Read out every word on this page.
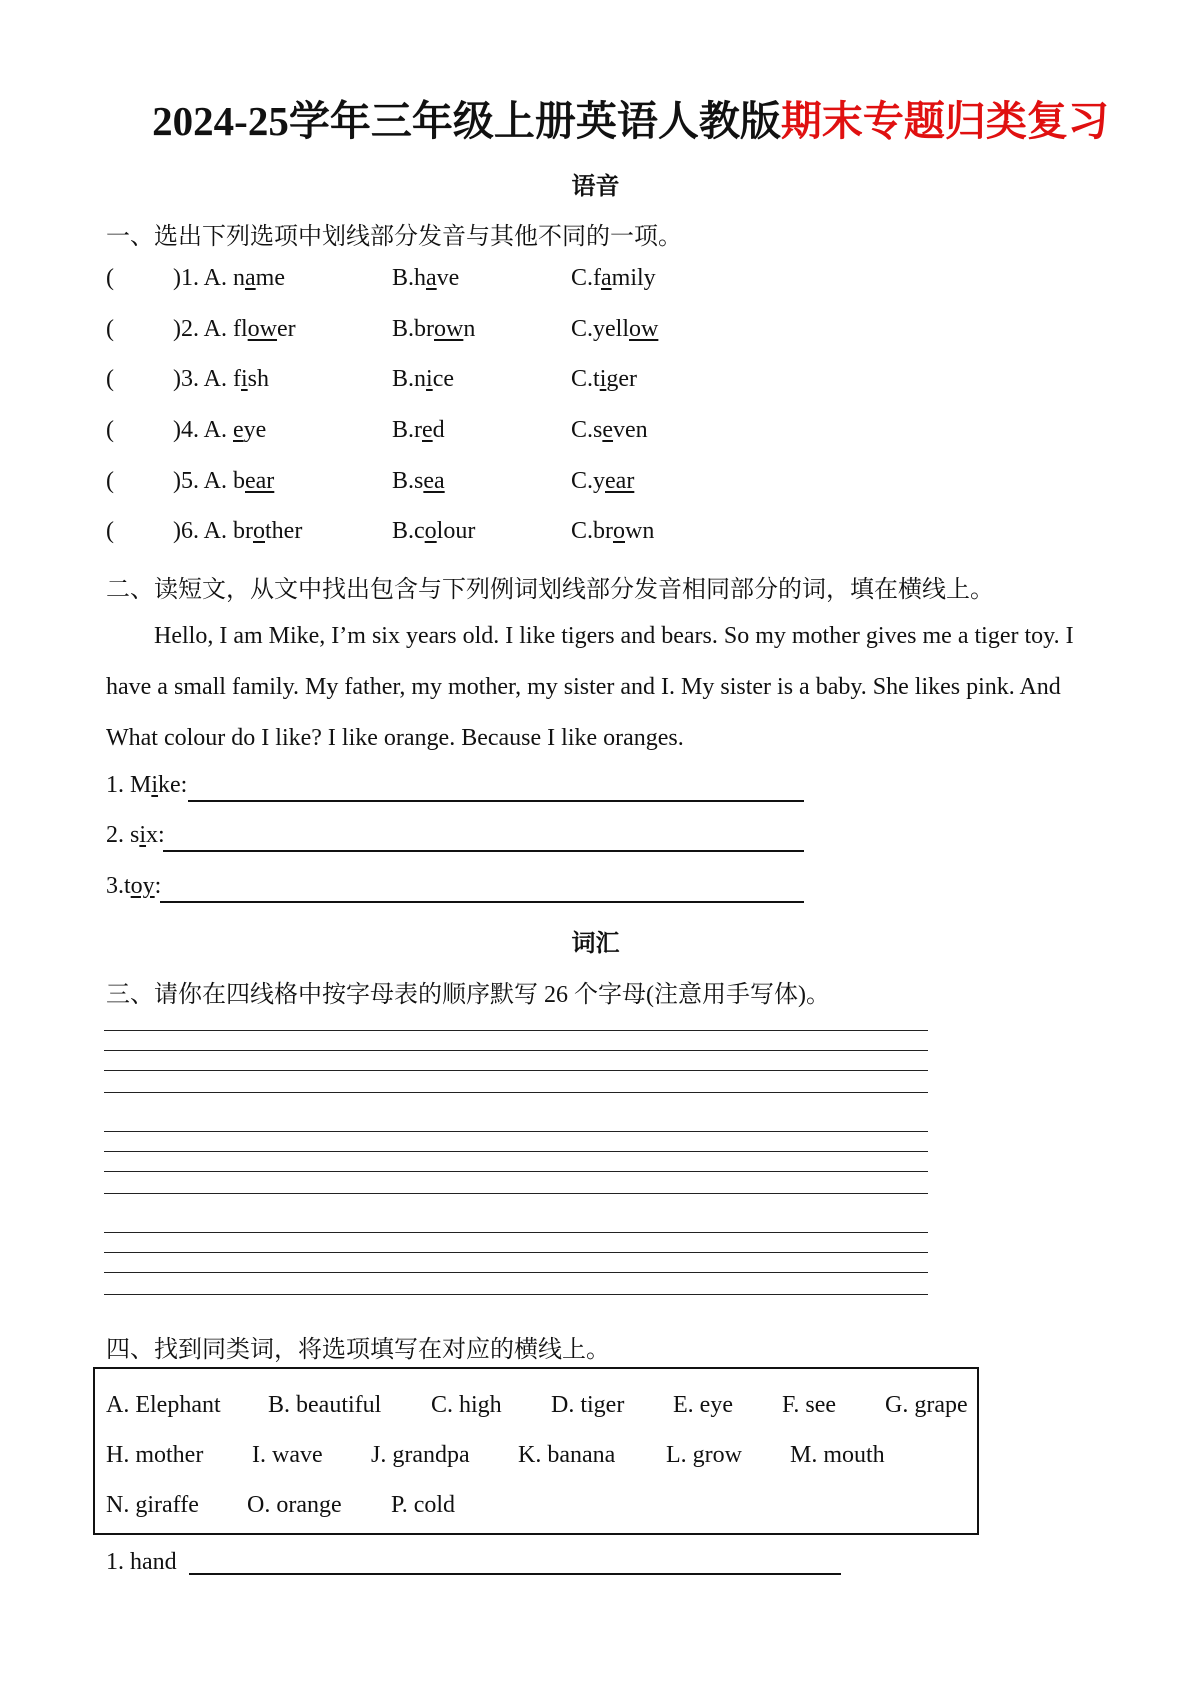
2024-25学年三年级上册英语人教版期末专题归类复习
语音
一、选出下列选项中划线部分发音与其他不同的一项。
( )1. A. name	B.have	C.family
( )2. A. flower	B.brown	C.yellow
( )3. A. fish	B.nice	C.tiger
( )4. A. eye	B.red	C.seven
( )5. A. bear	B.sea	C.year
( )6. A. brother	B.colour	C.brown
二、读短文，从文中找出包含与下列例词划线部分发音相同部分的词，填在横线上。
Hello, I am Mike, I’m six years old. I like tigers and bears. So my mother gives me a tiger toy. I have a small family. My father, my mother, my sister and I. My sister is a baby. She likes pink. And What colour do I like? I like orange. Because I like oranges.
1. Mike:
2. six:
3.toy:
词汇
三、请你在四线格中按字母表的顺序默写 26 个字母(注意用手写体)。
四、找到同类词，将选项填写在对应的横线上。
A. Elephant B. beautiful C. high D. tiger E. eye F. see G. grape
H. mother I. wave J. grandpa K. banana L. grow M. mouth
N. giraffe O. orange P. cold
1. hand
